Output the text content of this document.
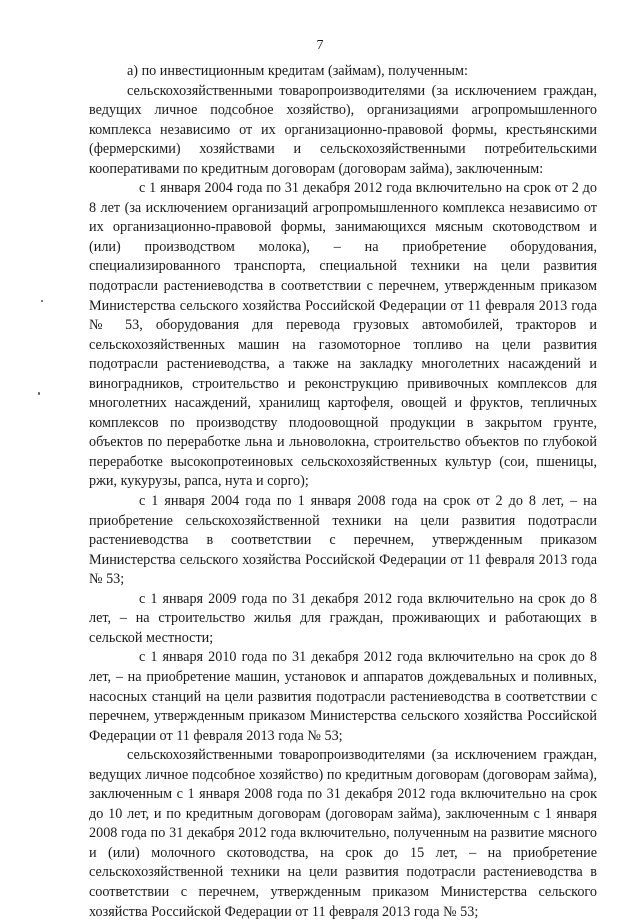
7

а) по инвестиционным кредитам (займам), полученным:

сельскохозяйственными товаропроизводителями (за исключением граждан, ведущих личное подсобное хозяйство), организациями агропромышленного комплекса независимо от их организационно-правовой формы, крестьянскими (фермерскими) хозяйствами и сельскохозяйственными потребительскими кооперативами по кредитным договорам (договорам займа), заключенным:

с 1 января 2004 года по 31 декабря 2012 года включительно на срок от 2 до 8 лет (за исключением организаций агропромышленного комплекса независимо от их организационно-правовой формы, занимающихся мясным скотоводством и (или) производством молока), – на приобретение оборудования, специализированного транспорта, специальной техники на цели развития подотрасли растениеводства в соответствии с перечнем, утвержденным приказом Министерства сельского хозяйства Российской Федерации от 11 февраля 2013 года № 53, оборудования для перевода грузовых автомобилей, тракторов и сельскохозяйственных машин на газомоторное топливо на цели развития подотрасли растениеводства, а также на закладку многолетних насаждений и виноградников, строительство и реконструкцию прививочных комплексов для многолетних насаждений, хранилищ картофеля, овощей и фруктов, тепличных комплексов по производству плодоовощной продукции в закрытом грунте, объектов по переработке льна и льноволокна, строительство объектов по глубокой переработке высокопротеиновых сельскохозяйственных культур (сои, пшеницы, ржи, кукурузы, рапса, нута и сорго);

с 1 января 2004 года по 1 января 2008 года на срок от 2 до 8 лет, – на приобретение сельскохозяйственной техники на цели развития подотрасли растениеводства в соответствии с перечнем, утвержденным приказом Министерства сельского хозяйства Российской Федерации от 11 февраля 2013 года № 53;

с 1 января 2009 года по 31 декабря 2012 года включительно на срок до 8 лет, – на строительство жилья для граждан, проживающих и работающих в сельской местности;

с 1 января 2010 года по 31 декабря 2012 года включительно на срок до 8 лет, – на приобретение машин, установок и аппаратов дождевальных и поливных, насосных станций на цели развития подотрасли растениеводства в соответствии с перечнем, утвержденным приказом Министерства сельского хозяйства Российской Федерации от 11 февраля 2013 года № 53;

сельскохозяйственными товаропроизводителями (за исключением граждан, ведущих личное подсобное хозяйство) по кредитным договорам (договорам займа), заключенным с 1 января 2008 года по 31 декабря 2012 года включительно на срок до 10 лет, и по кредитным договорам (договорам займа), заключенным с 1 января 2008 года по 31 декабря 2012 года включительно, полученным на развитие мясного и (или) молочного скотоводства, на срок до 15 лет, – на приобретение сельскохозяйственной техники на цели развития подотрасли растениеводства в соответствии с перечнем, утвержденным приказом Министерства сельского хозяйства Российской Федерации от 11 февраля 2013 года № 53;
